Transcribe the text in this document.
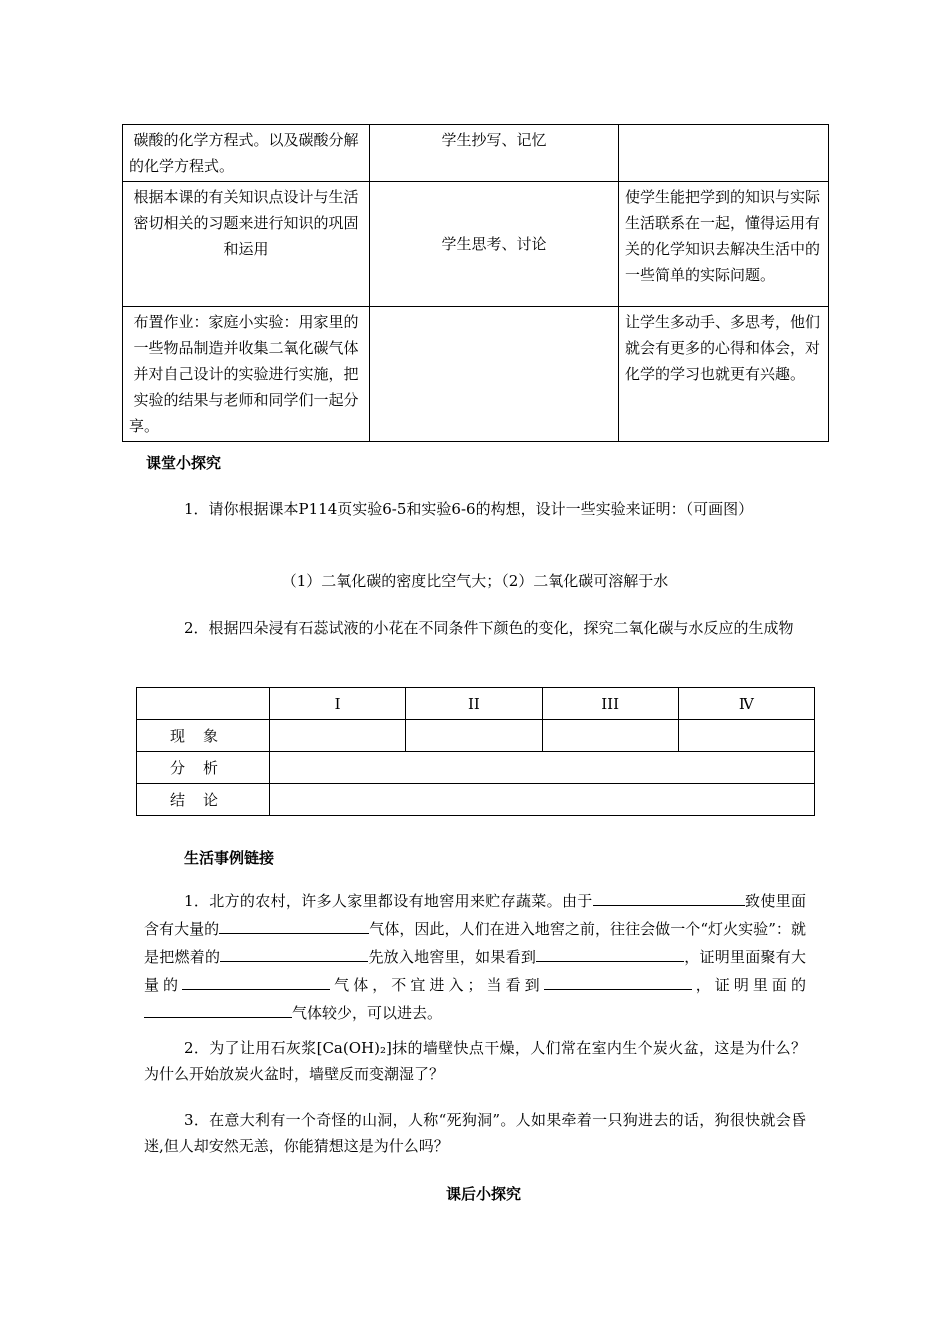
碳酸的化学方程式。以及碳酸分解的化学方程式。	学生抄写、记忆	
根据本课的有关知识点设计与生活密切相关的习题来进行知识的巩固和运用	学生思考、讨论	使学生能把学到的知识与实际生活联系在一起，懂得运用有关的化学知识去解决生活中的一些简单的实际问题。
布置作业：家庭小实验：用家里的一些物品制造并收集二氧化碳气体并对自己设计的实验进行实施，把实验的结果与老师和同学们一起分享。		让学生多动手、多思考，他们就会有更多的心得和体会，对化学的学习也就更有兴趣。
课堂小探究
1．请你根据课本P114页实验6-5和实验6-6的构想，设计一些实验来证明：（可画图）
（1）二氧化碳的密度比空气大；（2）二氧化碳可溶解于水
2．根据四朵浸有石蕊试液的小花在不同条件下颜色的变化，探究二氧化碳与水反应的生成物
	I	II	III	Ⅳ
现象				
分析				
结论				
生活事例链接
1．北方的农村，许多人家里都设有地窖用来贮存蔬菜。由于	致使里面含有大量的	气体，因此，人们在进入地窖之前，往往会做一个“灯火实验”：就是把燃着的	先放入地窖里，如果看到	，证明里面聚有大量的	气体，不宜进入；当看到	，证明里面的气体较少，可以进去。
2．为了让用石灰浆[Ca(OH)₂]抹的墙壁快点干燥，人们常在室内生个炭火盆，这是为什么？为什么开始放炭火盆时，墙壁反而变潮湿了？
3．在意大利有一个奇怪的山洞，人称“死狗洞”。人如果牵着一只狗进去的话，狗很快就会昏迷,但人却安然无恙，你能猜想这是为什么吗？
课后小探究
